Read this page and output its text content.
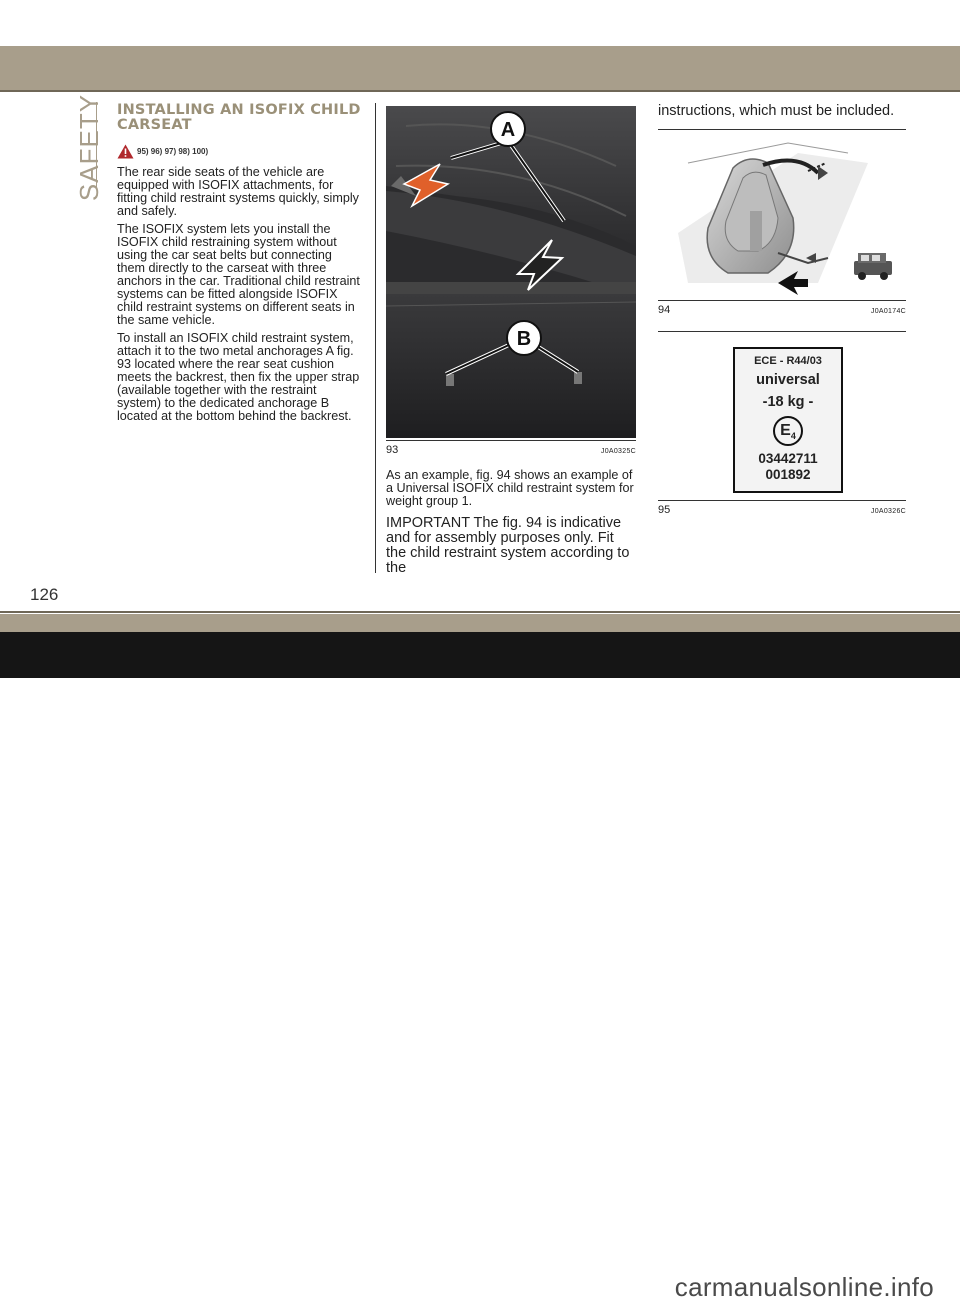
SAFETY INSTALLING AN ISOFIX CHILD CARSEAT
95) 96) 97) 98) 100)

The rear side seats of the vehicle are equipped with ISOFIX attachments, for fitting child restraint systems quickly, simply and safely.

The ISOFIX system lets you install the ISOFIX child restraining system without using the car seat belts but connecting them directly to the carseat with three anchors in the car. Traditional child restraint systems can be fitted alongside ISOFIX child restraint systems on different seats in the same vehicle.

To install an ISOFIX child restraint system, attach it to the two metal anchorages A fig. 93 located where the rear seat cushion meets the backrest, then fix the upper strap (available together with the restraint system) to the dedicated anchorage B located at the bottom behind the backrest.

A
B
93	J0A0325C

As an example, fig. 94 shows an example of a Universal ISOFIX child restraint system for weight group 1.

IMPORTANT The fig. 94 is indicative and for assembly purposes only. Fit the child restraint system according to the

instructions, which must be included.

94	J0A0174C
ECE - R44/03
universal
-18 kg -
$E_4$
03442711
001892
95	J0A0326C
126
carmanualsonline.info
